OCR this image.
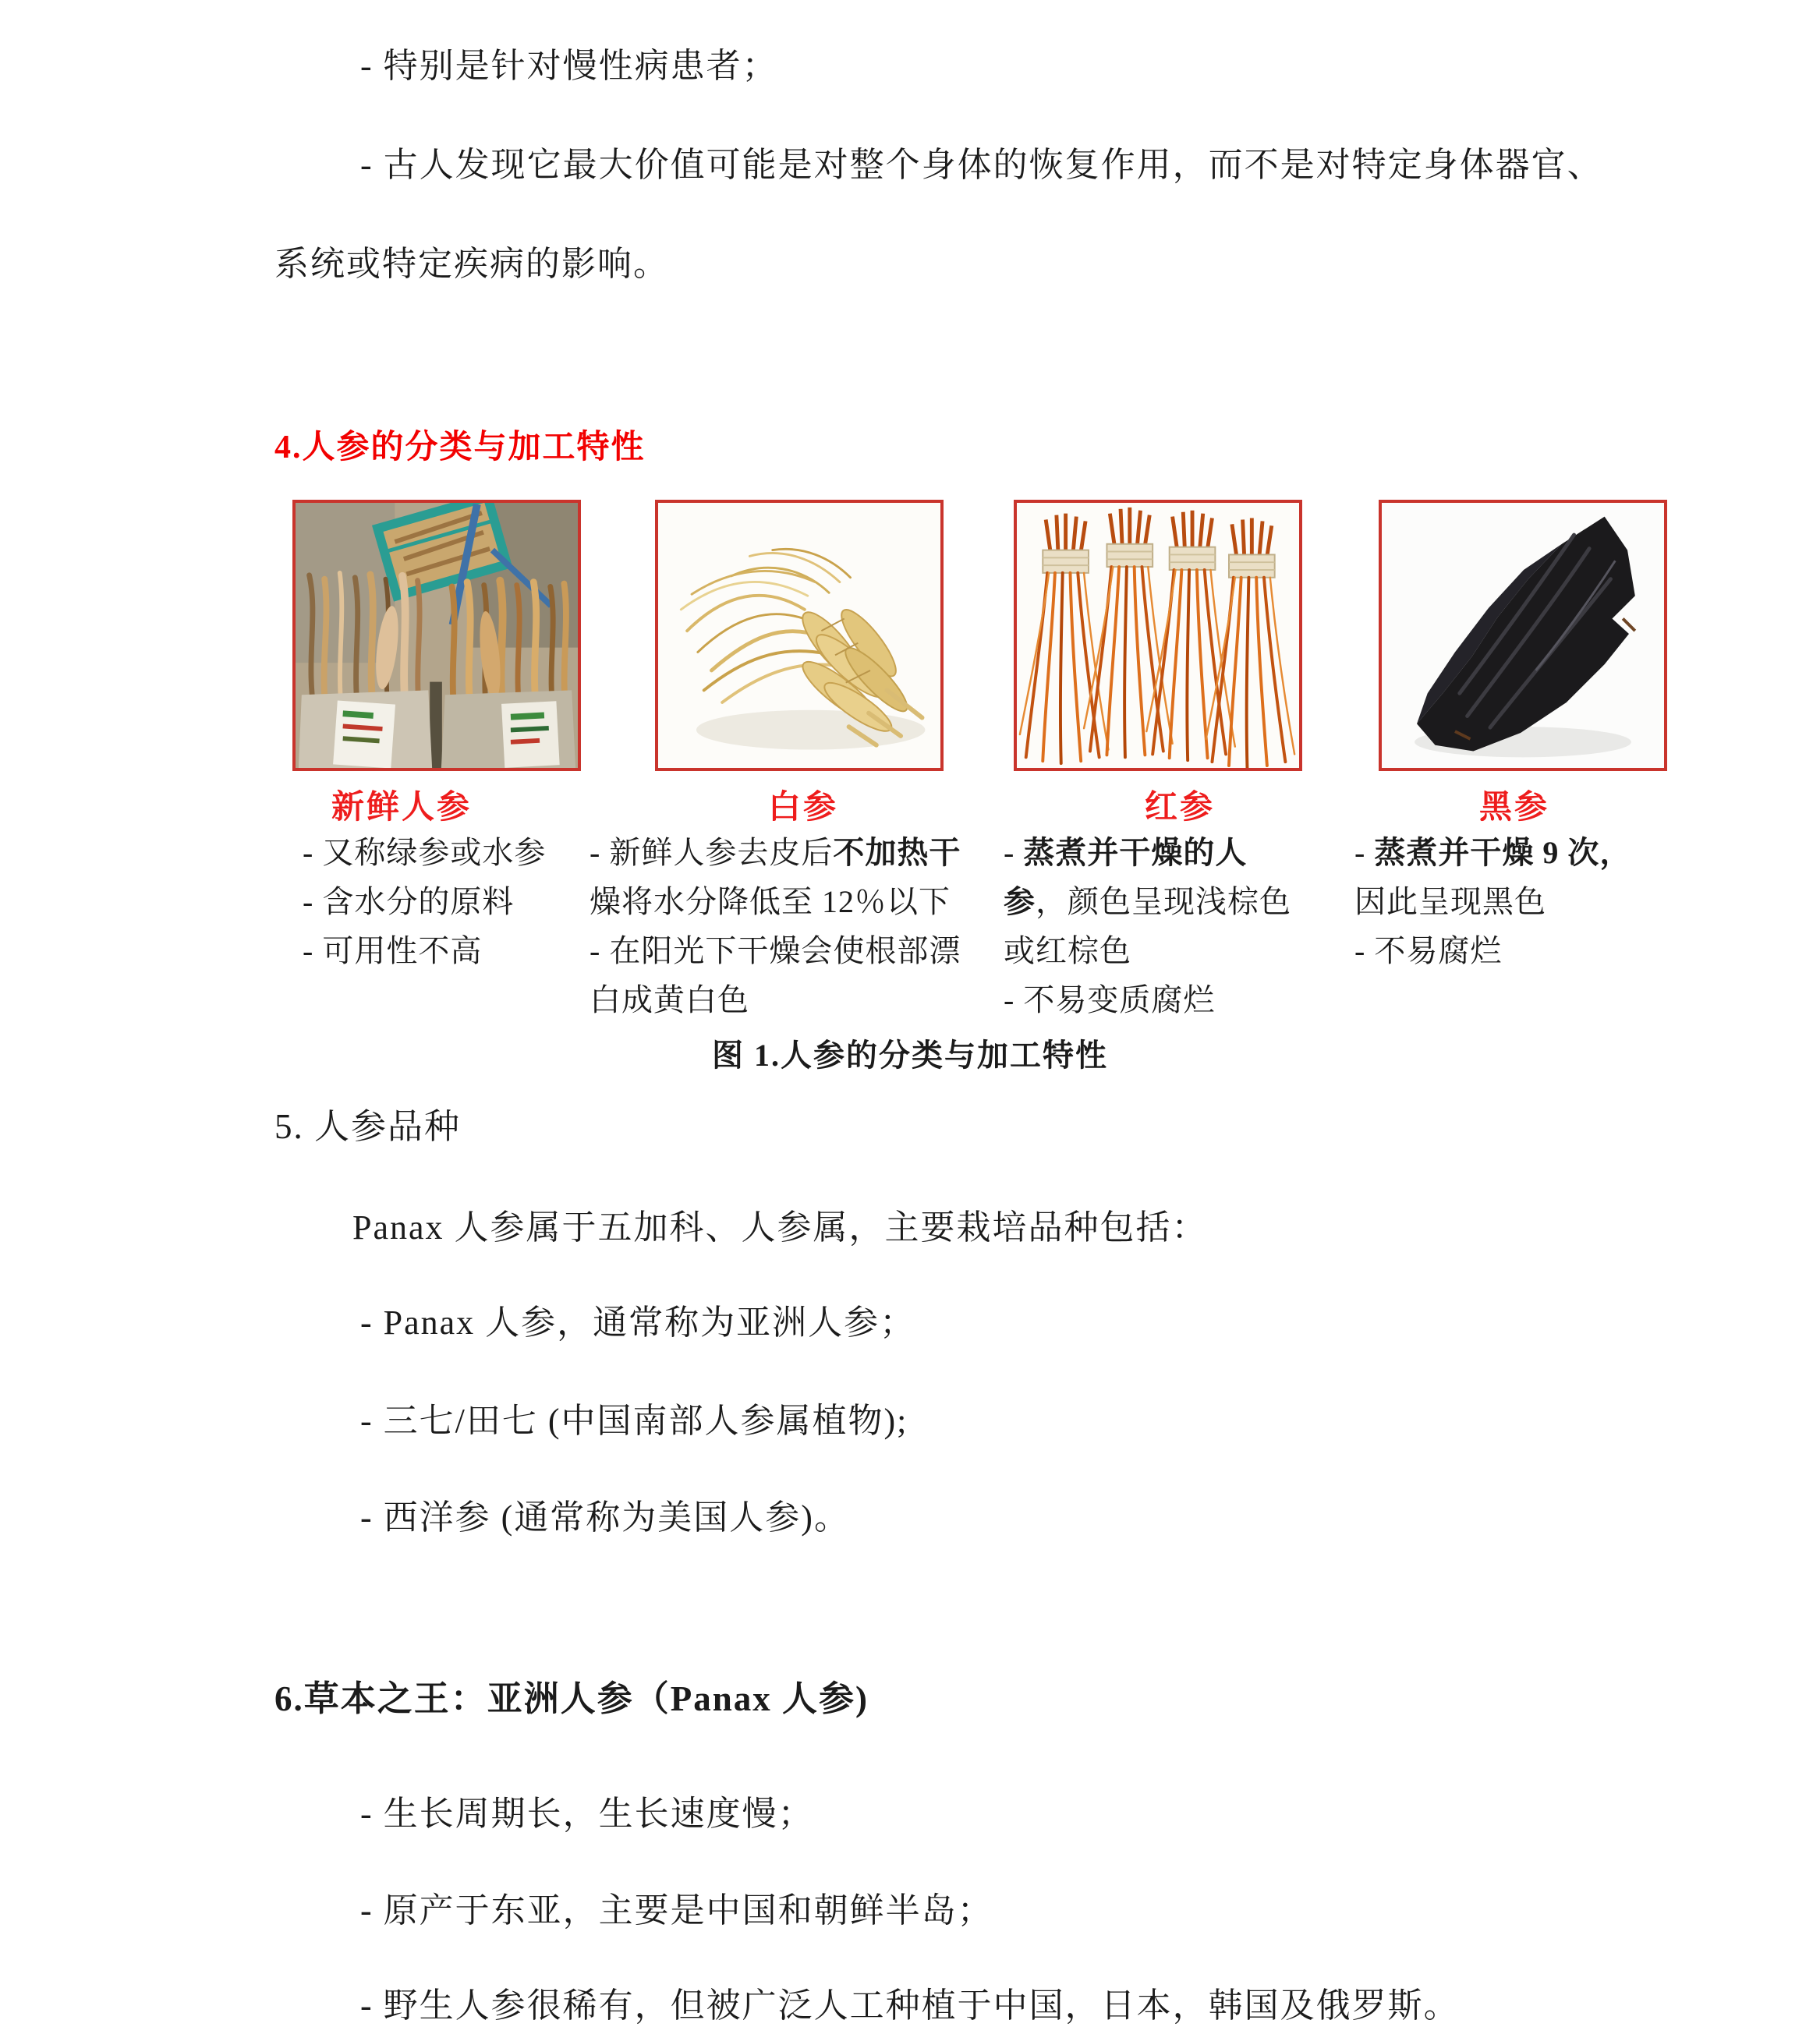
- 特别是针对慢性病患者；
- 古人发现它最大价值可能是对整个身体的恢复作用，而不是对特定身体器官、
系统或特定疾病的影响。
4.人参的分类与加工特性
新鲜人参	白参	红参	黑参
- 又称绿参或水参
- 含水分的原料
- 可用性不高
- 新鲜人参去皮后不加热干
燥将水分降低至 12％以下
- 在阳光下干燥会使根部漂
白成黄白色
- 蒸煮并干燥的人
参，颜色呈现浅棕色
或红棕色
- 不易变质腐烂
- 蒸煮并干燥 9 次，
因此呈现黑色
- 不易腐烂
图 1.人参的分类与加工特性
5. 人参品种
Panax 人参属于五加科、人参属，主要栽培品种包括：
- Panax 人参，通常称为亚洲人参；
- 三七/田七 (中国南部人参属植物);
- 西洋参 (通常称为美国人参)。
6.草本之王：亚洲人参（Panax 人参)
- 生长周期长，生长速度慢；
- 原产于东亚，主要是中国和朝鲜半岛；
- 野生人参很稀有，但被广泛人工种植于中国，日本，韩国及俄罗斯。
